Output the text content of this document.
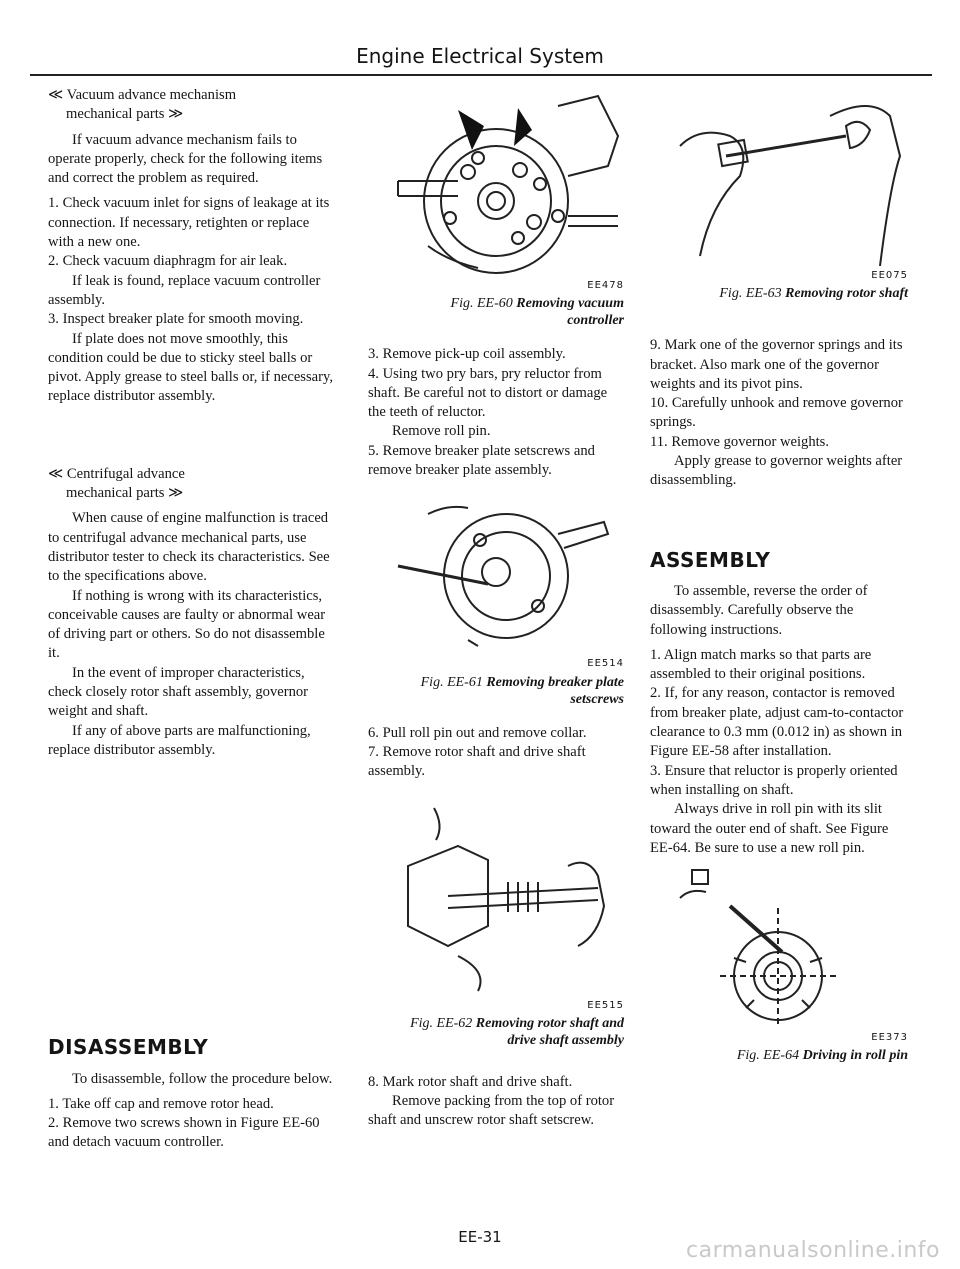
Engine Electrical System

≪ Vacuum advance mechanism

mechanical parts ≫

If vacuum advance mechanism fails to operate properly, check for the following items and correct the problem as required.

1. Check vacuum inlet for signs of leakage at its connection. If necessary, retighten or replace with a new one.

2. Check vacuum diaphragm for air leak.

If leak is found, replace vacuum controller assembly.

3. Inspect breaker plate for smooth moving.

If plate does not move smoothly, this condition could be due to sticky steel balls or pivot. Apply grease to steel balls or, if necessary, replace distributor assembly.

≪ Centrifugal advance

mechanical parts ≫

When cause of engine malfunction is traced to centrifugal advance mechanical parts, use distributor tester to check its characteristics. See to the specifications above.

If nothing is wrong with its characteristics, conceivable causes are faulty or abnormal wear of driving part or others. So do not disassemble it.

In the event of improper characteristics, check closely rotor shaft assembly, governor weight and shaft.

If any of above parts are malfunctioning, replace distributor assembly.

DISASSEMBLY

To disassemble, follow the procedure below.

1. Take off cap and remove rotor head.

2. Remove two screws shown in Figure EE-60 and detach vacuum controller.

EE478
Fig. EE-60 Removing vacuum
controller

3. Remove pick-up coil assembly.

4. Using two pry bars, pry reluctor from shaft. Be careful not to distort or damage the teeth of reluctor.

Remove roll pin.

5. Remove breaker plate setscrews and remove breaker plate assembly.

EE514
Fig. EE-61 Removing breaker plate
setscrews

6. Pull roll pin out and remove collar.

7. Remove rotor shaft and drive shaft assembly.

EE515
Fig. EE-62 Removing rotor shaft and
drive shaft assembly

8. Mark rotor shaft and drive shaft.

Remove packing from the top of rotor shaft and unscrew rotor shaft setscrew.

EE075
Fig. EE-63 Removing rotor shaft

9. Mark one of the governor springs and its bracket. Also mark one of the governor weights and its pivot pins.

10. Carefully unhook and remove governor springs.

11. Remove governor weights.

Apply grease to governor weights after disassembling.

ASSEMBLY

To assemble, reverse the order of disassembly. Carefully observe the following instructions.

1. Align match marks so that parts are assembled to their original positions.

2. If, for any reason, contactor is removed from breaker plate, adjust cam-to-contactor clearance to 0.3 mm (0.012 in) as shown in Figure EE-58 after installation.

3. Ensure that reluctor is properly oriented when installing on shaft.

Always drive in roll pin with its slit toward the outer end of shaft. See Figure EE-64. Be sure to use a new roll pin.

EE373
Fig. EE-64 Driving in roll pin
EE-31
carmanualsonline.info
